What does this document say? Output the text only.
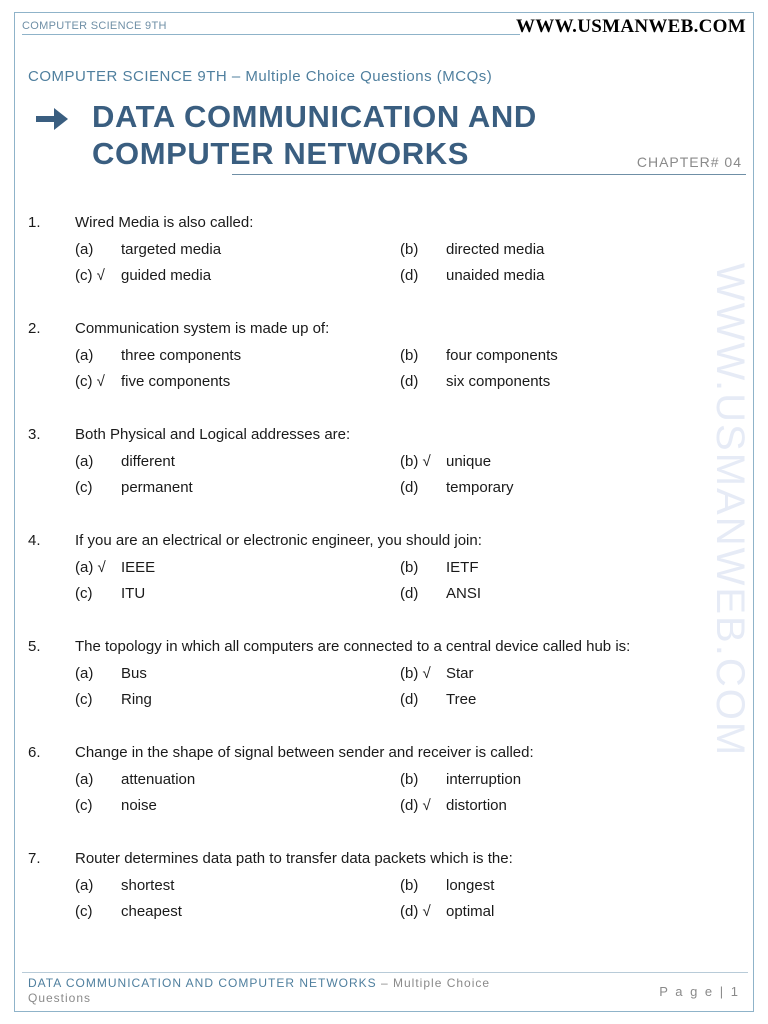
COMPUTER SCIENCE 9TH	WWW.USMANWEB.COM
COMPUTER SCIENCE 9TH – Multiple Choice Questions (MCQs)
DATA COMMUNICATION AND
COMPUTER NETWORKS	CHAPTER# 04
WWW.USMANWEB.COM
1. Wired Media is also called:
(a) targeted media	(b) directed media
(c) √ guided media	(d) unaided media
2. Communication system is made up of:
(a) three components	(b) four components
(c) √ five components	(d) six components
3. Both Physical and Logical addresses are:
(a) different	(b) √ unique
(c) permanent	(d) temporary
4. If you are an electrical or electronic engineer, you should join:
(a) √ IEEE	(b) IETF
(c) ITU	(d) ANSI
5. The topology in which all computers are connected to a central device called hub is:
(a) Bus	(b) √ Star
(c) Ring	(d) Tree
6. Change in the shape of signal between sender and receiver is called:
(a) attenuation	(b) interruption
(c) noise	(d) √ distortion
7. Router determines data path to transfer data packets which is the:
(a) shortest	(b) longest
(c) cheapest	(d) √ optimal
DATA COMMUNICATION AND COMPUTER NETWORKS – Multiple Choice Questions	P a g e | 1
